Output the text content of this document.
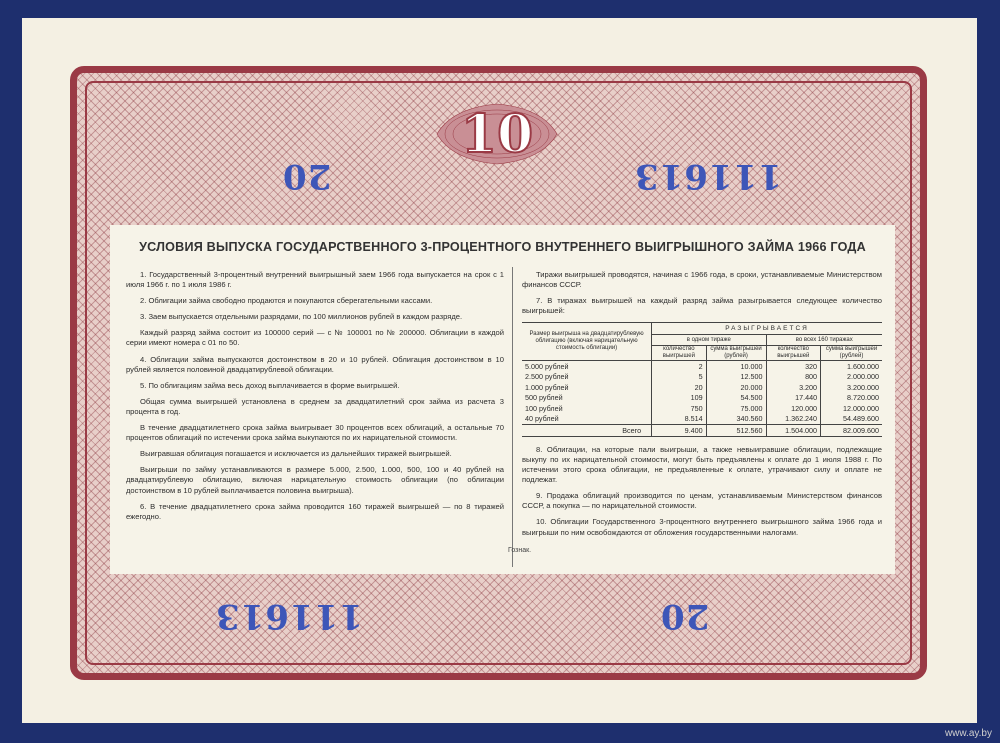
10
20	111613
111613	20
УСЛОВИЯ ВЫПУСКА ГОСУДАРСТВЕННОГО 3-ПРОЦЕНТНОГО ВНУТРЕННЕГО ВЫИГРЫШНОГО ЗАЙМА 1966 ГОДА

1. Государственный 3-процентный внутренний выигрышный заем 1966 года выпускается на срок с 1 июля 1966 г. по 1 июля 1986 г.

2. Облигации займа свободно продаются и покупаются сберегательными кассами.

3. Заем выпускается отдельными разрядами, по 100 миллионов рублей в каждом разряде.

Каждый разряд займа состоит из 100000 серий — с № 100001 по № 200000. Облигации в каждой серии имеют номера с 01 по 50.

4. Облигации займа выпускаются достоинством в 20 и 10 рублей. Облигация достоинством в 10 рублей является половиной двадцатирублевой облигации.

5. По облигациям займа весь доход выплачивается в форме выигрышей.

Общая сумма выигрышей установлена в среднем за двадцатилетний срок займа из расчета 3 процента в год.

В течение двадцатилетнего срока займа выигрывает 30 процентов всех облигаций, а остальные 70 процентов облигаций по истечении срока займа выкупаются по их нарицательной стоимости.

Выигравшая облигация погашается и исключается из дальнейших тиражей выигрышей.

Выигрыши по займу устанавливаются в размере 5.000, 2.500, 1.000, 500, 100 и 40 рублей на двадцатирублевую облигацию, включая нарицательную стоимость облигации (по облигации достоинством в 10 рублей выплачивается половина выигрыша).

6. В течение двадцатилетнего срока займа проводится 160 тиражей выигрышей — по 8 тиражей ежегодно.

Гознак.

Тиражи выигрышей проводятся, начиная с 1966 года, в сроки, устанавливаемые Министерством финансов СССР.

7. В тиражах выигрышей на каждый разряд займа разыгрывается следующее количество выигрышей:

Размер выигрыша на двадцатирублевую облигацию (включая нарицательную стоимость облигации)	РАЗЫГРЫВАЕТСЯ			
	в одном тираже		во всех 160 тиражах	
	количество выигрышей	сумма выигрышей (рублей)	количество выигрышей	сумма выигрышей (рублей)
5.000 рублей	2	10.000	320	1.600.000
2.500 рублей	5	12.500	800	2.000.000
1.000 рублей	20	20.000	3.200	3.200.000
500 рублей	109	54.500	17.440	8.720.000
100 рублей	750	75.000	120.000	12.000.000
40 рублей	8.514	340.560	1.362.240	54.489.600
Всего	9.400	512.560	1.504.000	82.009.600

8. Облигации, на которые пали выигрыши, а также невыигравшие облигации, подлежащие выкупу по их нарицательной стоимости, могут быть предъявлены к оплате до 1 июля 1988 г. По истечении этого срока облигации, не предъявленные к оплате, утрачивают силу и оплате не подлежат.

9. Продажа облигаций производится по ценам, устанавливаемым Министерством финансов СССР, а покупка — по нарицательной стоимости.

10. Облигации Государственного 3-процентного внутреннего выигрышного займа 1966 года и выигрыши по ним освобождаются от обложения государственными налогами.

www.ay.by
